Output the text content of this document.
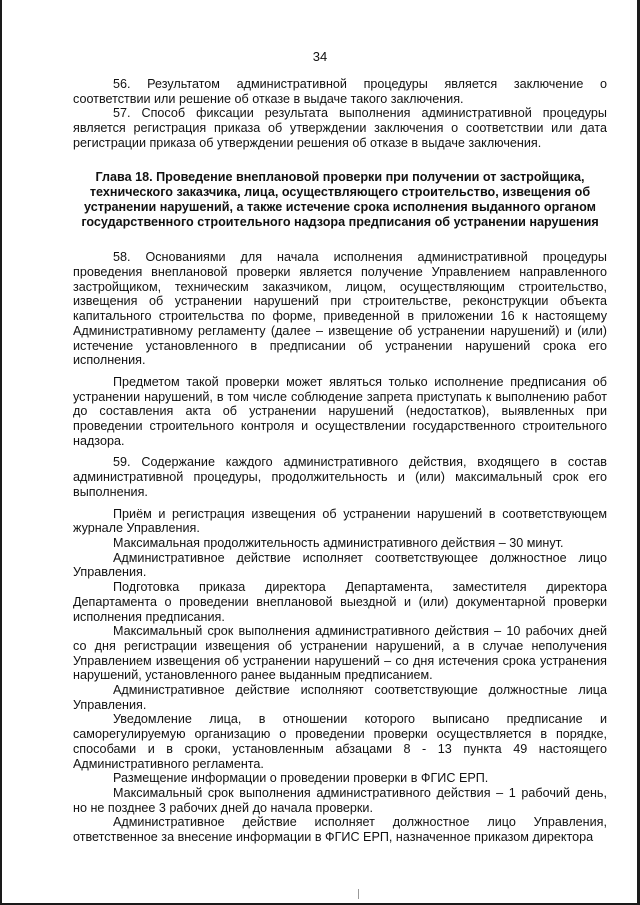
34

56. Результатом административной процедуры является заключение о соответствии или решение об отказе в выдаче такого заключения.

57. Способ фиксации результата выполнения административной процедуры является регистрация приказа об утверждении заключения о соответствии или дата регистрации приказа об утверждении решения об отказе в выдаче заключения.

Глава 18. Проведение внеплановой проверки при получении от застройщика, технического заказчика, лица, осуществляющего строительство, извещения об устранении нарушений, а также истечение срока исполнения выданного органом государственного строительного надзора предписания об устранении нарушения

58. Основаниями для начала исполнения административной процедуры проведения внеплановой проверки является получение Управлением направленного застройщиком, техническим заказчиком, лицом, осуществляющим строительство, извещения об устранении нарушений при строительстве, реконструкции объекта капитального строительства по форме, приведенной в приложении 16 к настоящему Административному регламенту (далее – извещение об устранении нарушений) и (или) истечение установленного в предписании об устранении нарушений срока его исполнения.

Предметом такой проверки может являться только исполнение предписания об устранении нарушений, в том числе соблюдение запрета приступать к выполнению работ до составления акта об устранении нарушений (недостатков), выявленных при проведении строительного контроля и осуществлении государственного строительного надзора.

59. Содержание каждого административного действия, входящего в состав административной процедуры, продолжительность и (или) максимальный срок его выполнения.

Приём и регистрация извещения об устранении нарушений в соответствующем журнале Управления.

Максимальная продолжительность административного действия – 30 минут.

Административное действие исполняет соответствующее должностное лицо Управления.

Подготовка приказа директора Департамента, заместителя директора Департамента о проведении внеплановой выездной и (или) документарной проверки исполнения предписания.

Максимальный срок выполнения административного действия – 10 рабочих дней со дня регистрации извещения об устранении нарушений, а в случае неполучения Управлением извещения об устранении нарушений – со дня истечения срока устранения нарушений, установленного ранее выданным предписанием.

Административное действие исполняют соответствующие должностные лица Управления.

Уведомление лица, в отношении которого выписано предписание и саморегулируемую организацию о проведении проверки осуществляется в порядке, способами и в сроки, установленным абзацами 8 - 13 пункта 49 настоящего Административного регламента.

Размещение информации о проведении проверки в ФГИС ЕРП.

Максимальный срок выполнения административного действия – 1 рабочий день, но не позднее 3 рабочих дней до начала проверки.

Административное действие исполняет должностное лицо Управления, ответственное за внесение информации в ФГИС ЕРП, назначенное приказом директора
